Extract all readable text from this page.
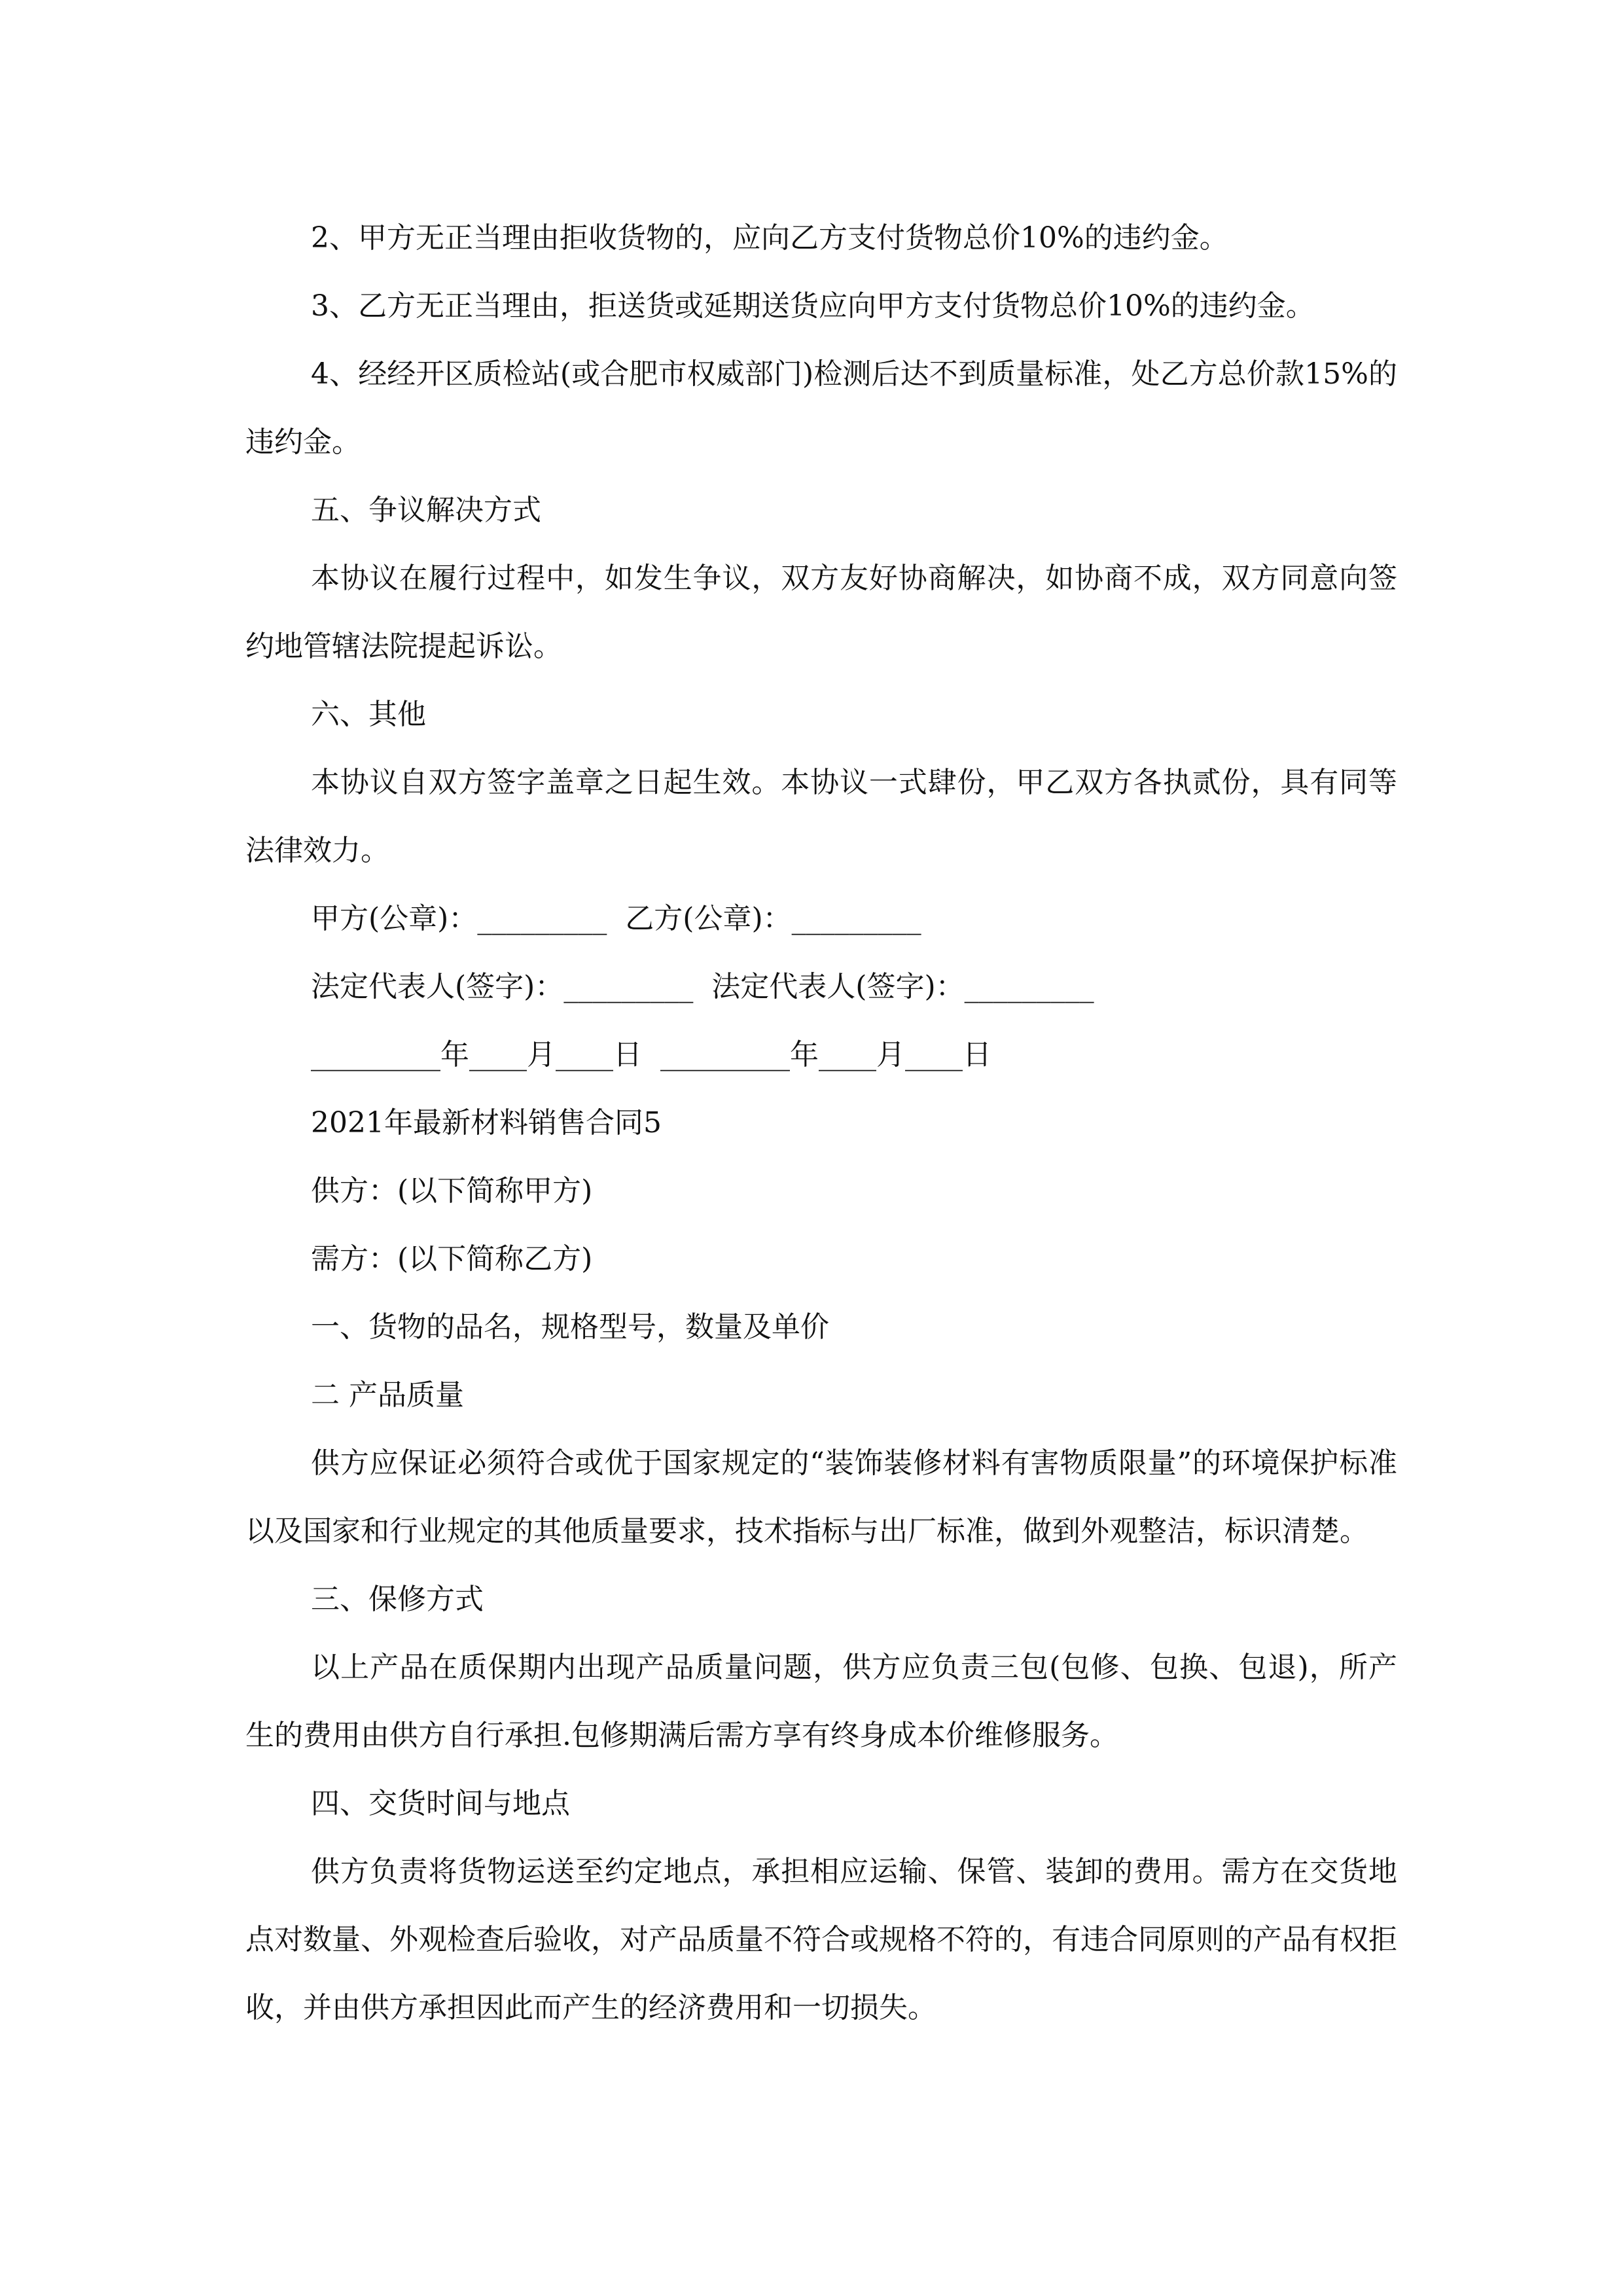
2、甲方无正当理由拒收货物的，应向乙方支付货物总价10%的违约金。

3、乙方无正当理由，拒送货或延期送货应向甲方支付货物总价10%的违约金。

4、经经开区质检站(或合肥市权威部门)检测后达不到质量标准，处乙方总价款15%的违约金。

五、争议解决方式

本协议在履行过程中，如发生争议，双方友好协商解决，如协商不成，双方同意向签约地管辖法院提起诉讼。

六、其他

本协议自双方签字盖章之日起生效。本协议一式肆份，甲乙双方各执贰份，具有同等法律效力。

甲方(公章)：_________  乙方(公章)：_________

法定代表人(签字)：_________  法定代表人(签字)：_________

_________年____月____日  _________年____月____日

2021年最新材料销售合同5

供方：(以下简称甲方)

需方：(以下简称乙方)

一、货物的品名，规格型号，数量及单价

二 产品质量

供方应保证必须符合或优于国家规定的“装饰装修材料有害物质限量”的环境保护标准以及国家和行业规定的其他质量要求，技术指标与出厂标准，做到外观整洁，标识清楚。

三、保修方式

以上产品在质保期内出现产品质量问题，供方应负责三包(包修、包换、包退)，所产生的费用由供方自行承担.包修期满后需方享有终身成本价维修服务。

四、交货时间与地点

供方负责将货物运送至约定地点，承担相应运输、保管、装卸的费用。需方在交货地点对数量、外观检查后验收，对产品质量不符合或规格不符的，有违合同原则的产品有权拒收，并由供方承担因此而产生的经济费用和一切损失。
